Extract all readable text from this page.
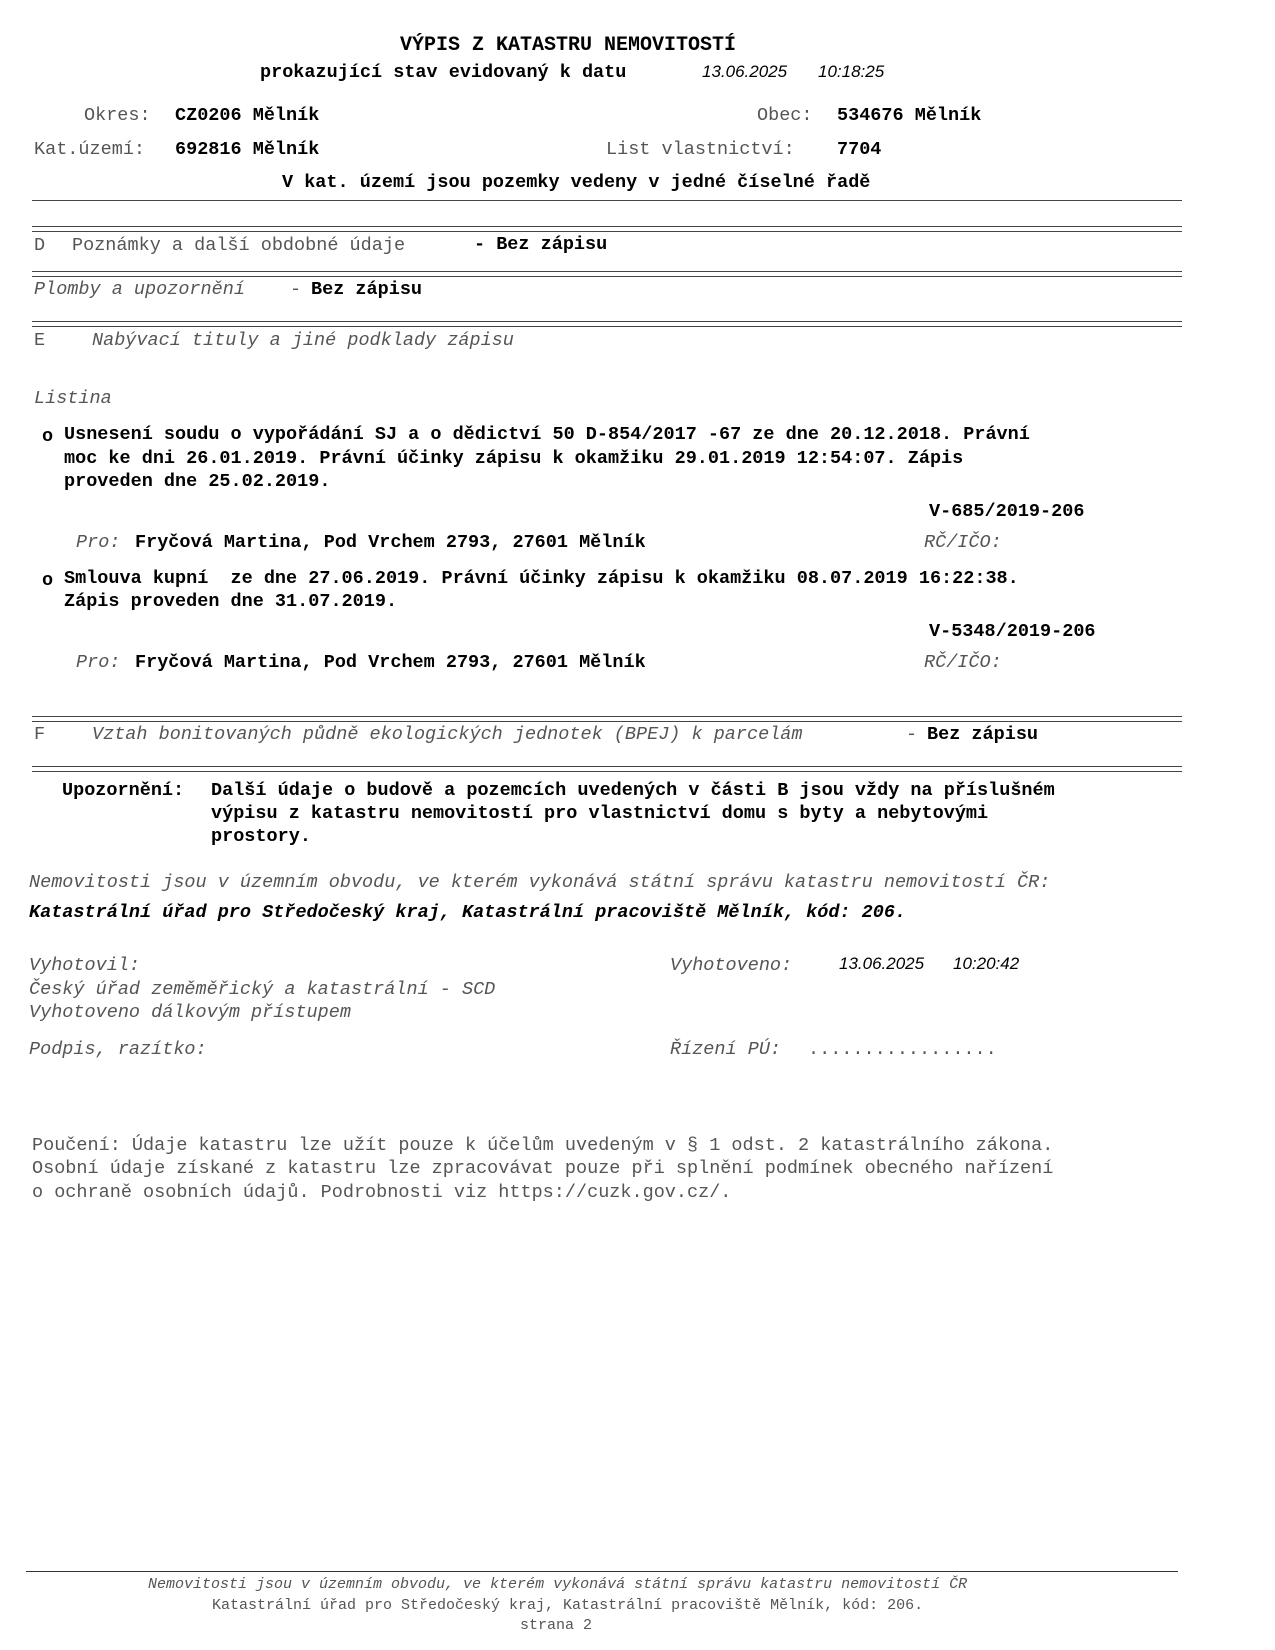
VÝPIS Z KATASTRU NEMOVITOSTÍ
prokazující stav evidovaný k datu	13.06.2025 10:18:25
Okres: CZ0206 Mělník	Obec: 534676 Mělník
Kat.území: 692816 Mělník	List vlastnictví: 7704
V kat. území jsou pozemky vedeny v jedné číselné řadě
D Poznámky a další obdobné údaje	- Bez zápisu
Plomby a upozornění - Bez zápisu
E	Nabývací tituly a jiné podklady zápisu
Listina
o Usnesení soudu o vypořádání SJ a o dědictví 50 D-854/2017 -67 ze dne 20.12.2018. Právní
moc ke dni 26.01.2019. Právní účinky zápisu k okamžiku 29.01.2019 12:54:07. Zápis
proveden dne 25.02.2019.
V-685/2019-206
Pro: Fryčová Martina, Pod Vrchem 2793, 27601 Mělník	RČ/IČO:
o Smlouva kupní  ze dne 27.06.2019. Právní účinky zápisu k okamžiku 08.07.2019 16:22:38.
Zápis proveden dne 31.07.2019.
V-5348/2019-206
Pro: Fryčová Martina, Pod Vrchem 2793, 27601 Mělník	RČ/IČO:
F	Vztah bonitovaných půdně ekologických jednotek (BPEJ) k parcelám	- Bez zápisu
Upozornění: Další údaje o budově a pozemcích uvedených v části B jsou vždy na příslušném
výpisu z katastru nemovitostí pro vlastnictví domu s byty a nebytovými
prostory.
Nemovitosti jsou v územním obvodu, ve kterém vykonává státní správu katastru nemovitostí ČR:
Katastrální úřad pro Středočeský kraj, Katastrální pracoviště Mělník, kód: 206.
Vyhotovil:
Český úřad zeměměřický a katastrální - SCD
Vyhotoveno dálkovým přístupem
Vyhotoveno:	13.06.2025 10:20:42
Podpis, razítko:	Řízení PÚ: .................
Poučení: Údaje katastru lze užít pouze k účelům uvedeným v § 1 odst. 2 katastrálního zákona.
Osobní údaje získané z katastru lze zpracovávat pouze při splnění podmínek obecného nařízení
o ochraně osobních údajů. Podrobnosti viz https://cuzk.gov.cz/.
Nemovitosti jsou v územním obvodu, ve kterém vykonává státní správu katastru nemovitostí ČR
Katastrální úřad pro Středočeský kraj, Katastrální pracoviště Mělník, kód: 206.
strana 2
